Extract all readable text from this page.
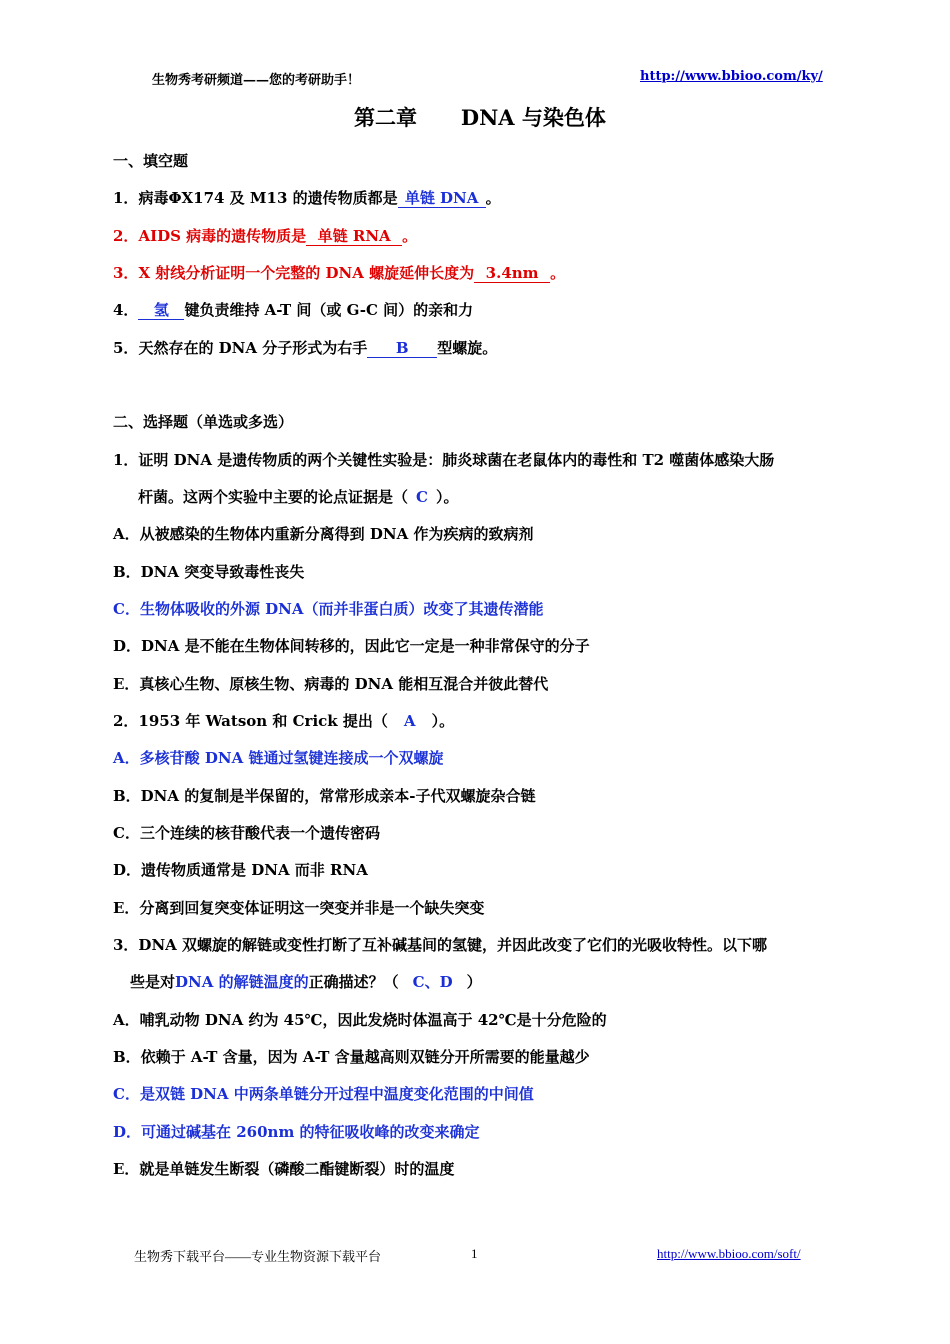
生物秀考研频道——您的考研助手！	http://www.bbioo.com/ky/
第二章      DNA 与染色体
一、填空题
1．病毒ΦX174 及 M13 的遗传物质都是 单链 DNA 。
2．AIDS 病毒的遗传物质是 单链 RNA 。
3．X 射线分析证明一个完整的 DNA 螺旋延伸长度为 3.4nm 。
4． 氢 键负责维持 A-T 间（或 G-C 间）的亲和力
5．天然存在的 DNA 分子形式为右手 B 型螺旋。
二、选择题（单选或多选）
1．证明 DNA 是遗传物质的两个关键性实验是：肺炎球菌在老鼠体内的毒性和 T2 噬菌体感染大肠
杆菌。这两个实验中主要的论点证据是（ C ）。
A．从被感染的生物体内重新分离得到 DNA 作为疾病的致病剂
B．DNA 突变导致毒性丧失
C．生物体吸收的外源 DNA（而并非蛋白质）改变了其遗传潜能
D．DNA 是不能在生物体间转移的，因此它一定是一种非常保守的分子
E．真核心生物、原核生物、病毒的 DNA 能相互混合并彼此替代
2．1953 年 Watson 和 Crick 提出（ A ）。
A．多核苷酸 DNA 链通过氢键连接成一个双螺旋
B．DNA 的复制是半保留的，常常形成亲本-子代双螺旋杂合链
C．三个连续的核苷酸代表一个遗传密码
D．遗传物质通常是 DNA 而非 RNA
E．分离到回复突变体证明这一突变并非是一个缺失突变
3．DNA 双螺旋的解链或变性打断了互补碱基间的氢键，并因此改变了它们的光吸收特性。以下哪
些是对DNA 的解链温度的正确描述？（ C、D ）
A．哺乳动物 DNA 约为 45℃，因此发烧时体温高于 42℃是十分危险的
B．依赖于 A-T 含量，因为 A-T 含量越高则双链分开所需要的能量越少
C．是双链 DNA 中两条单链分开过程中温度变化范围的中间值
D．可通过碱基在 260nm 的特征吸收峰的改变来确定
E．就是单链发生断裂（磷酸二酯键断裂）时的温度
生物秀下载平台——专业生物资源下载平台	1	http://www.bbioo.com/soft/
